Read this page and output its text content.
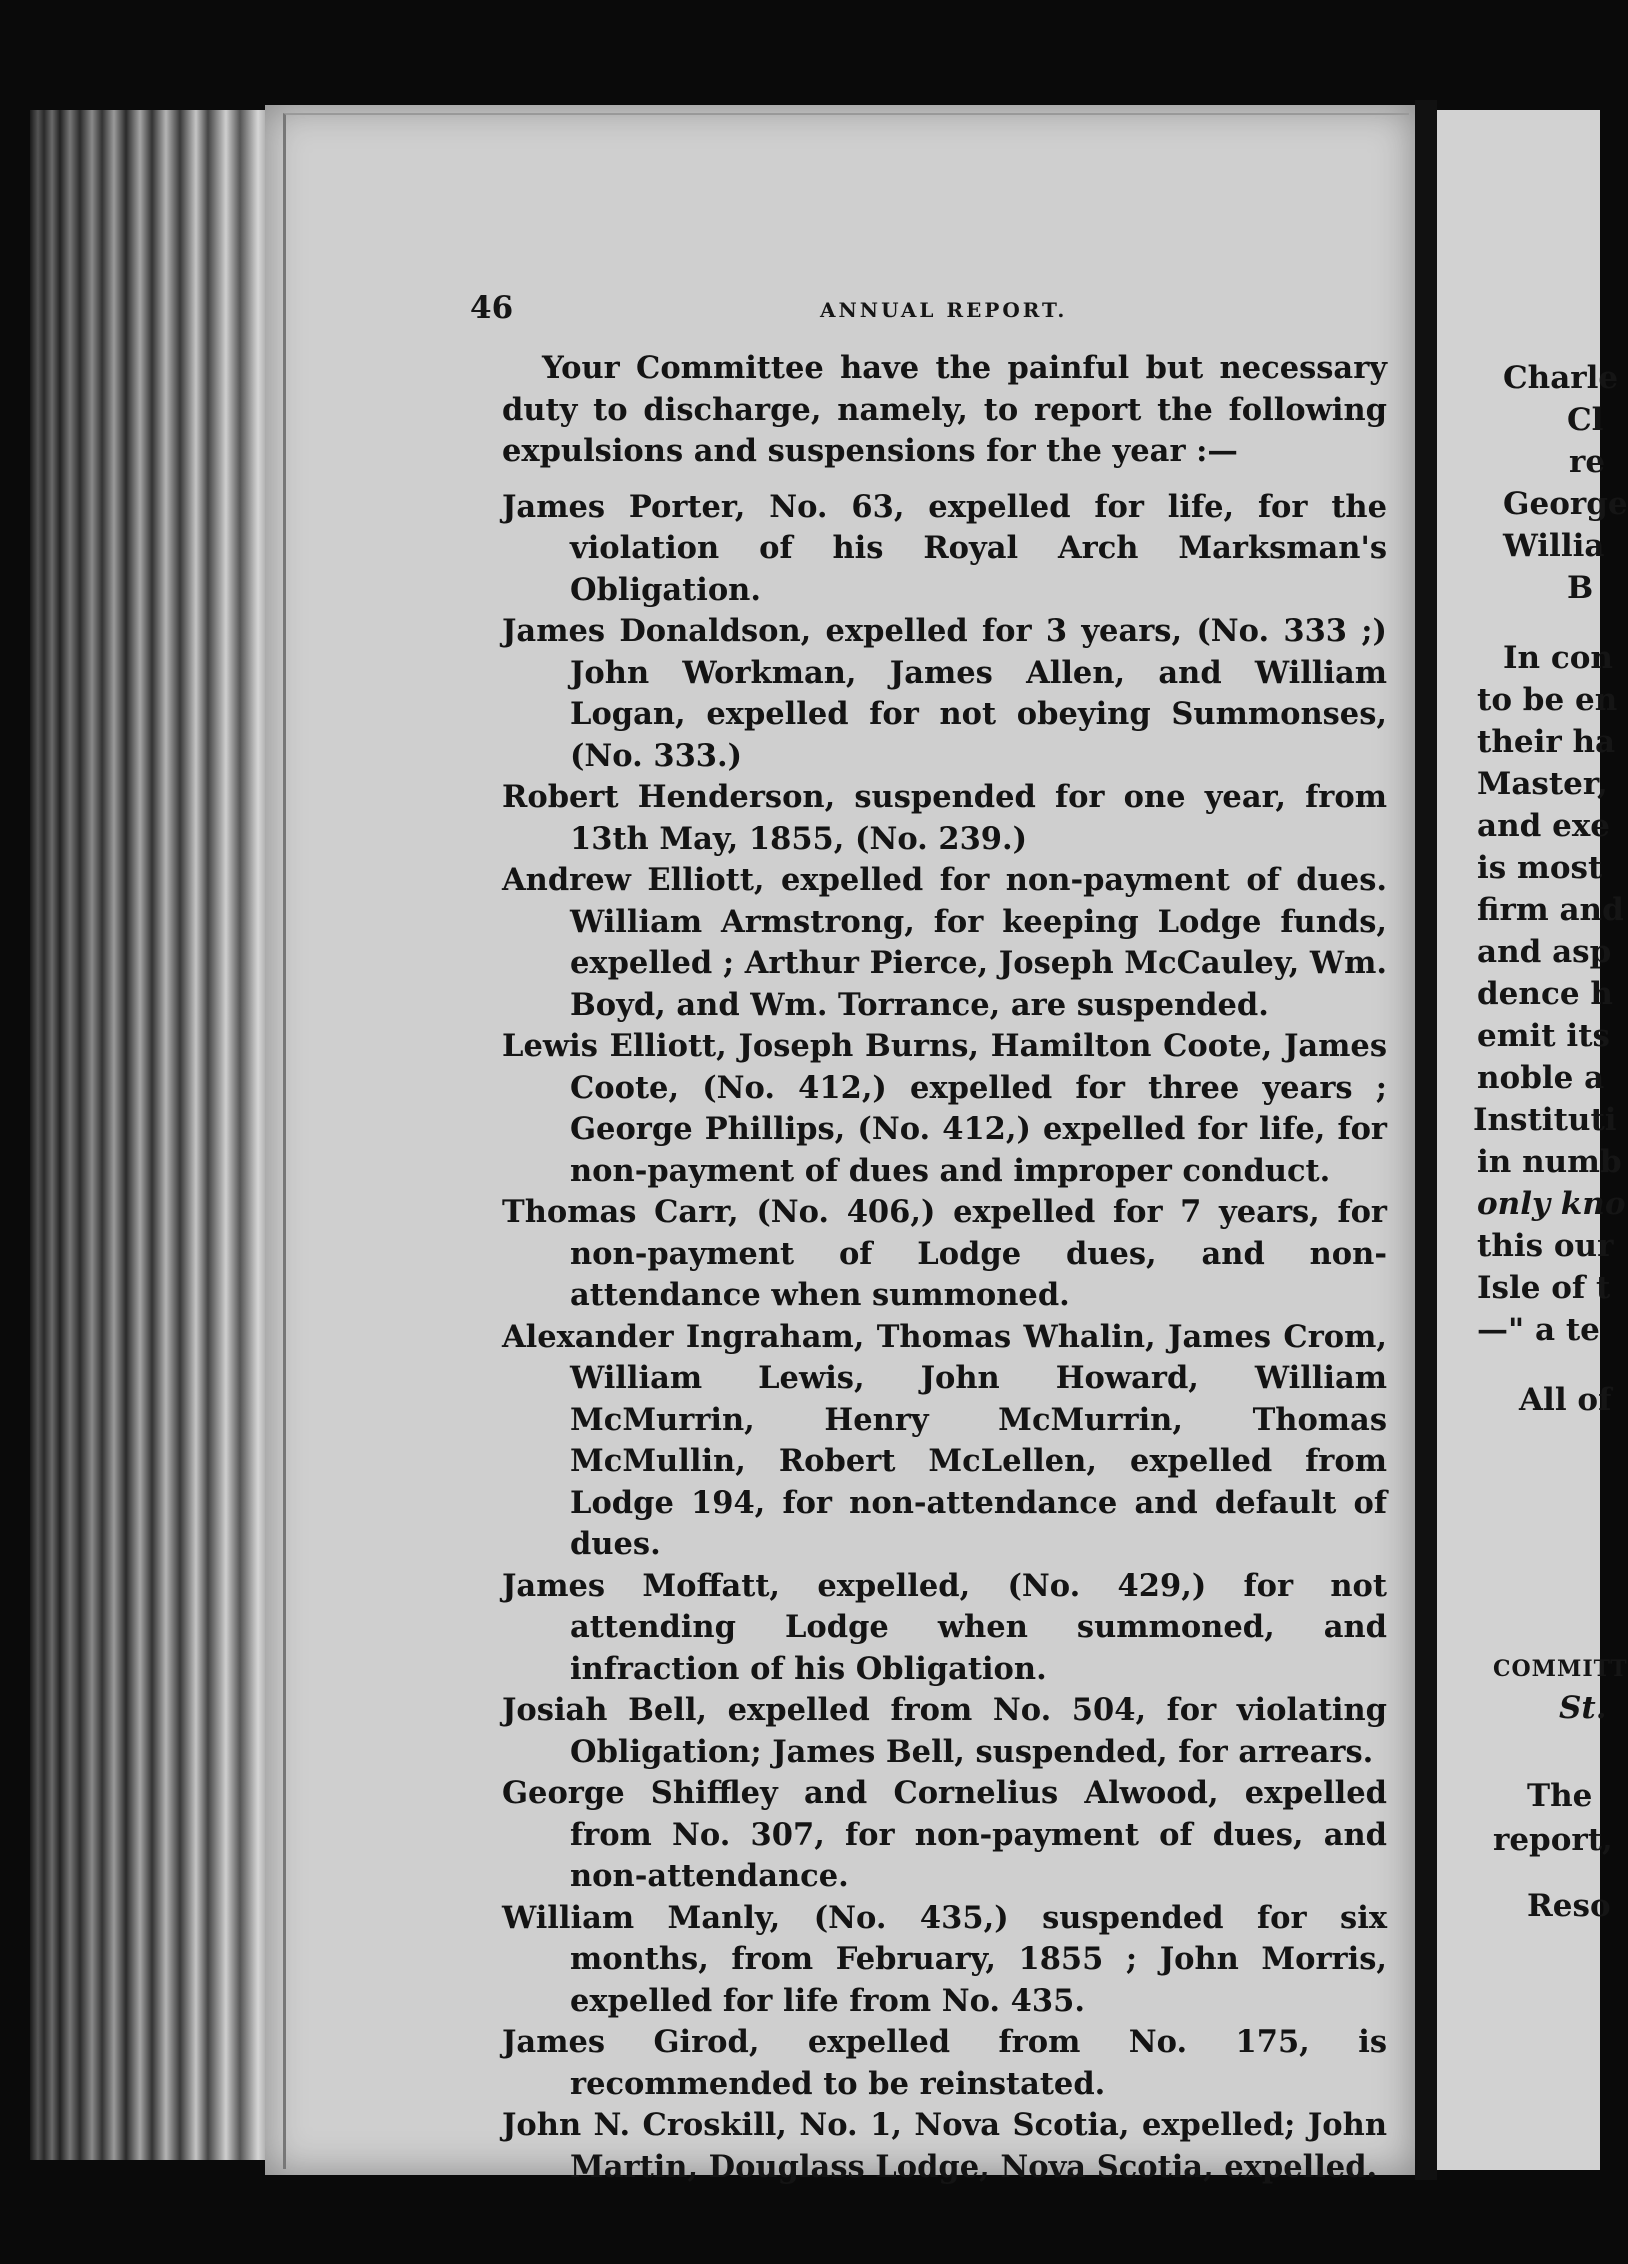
Charle
Cl
re
George
Willia
B
In con
to be en
their ha
Master,
and exe
is most
firm and
and asp
dence h
emit its
noble a
Instituti
in numb
only kno
this our
Isle of t
—" a te
All of
COMMITT
St.
The
report,
Reso
46	ANNUAL REPORT.

Your Committee have the painful but necessary duty to discharge, namely, to report the following expulsions and suspensions for the year :—

James Porter, No. 63, expelled for life, for the violation of his Royal Arch Marksman's Obligation.

James Donaldson, expelled for 3 years, (No. 333 ;) John Workman, James Allen, and William Logan, expelled for not obeying Summonses, (No. 333.)

Robert Henderson, suspended for one year, from 13th May, 1855, (No. 239.)

Andrew Elliott, expelled for non-payment of dues. William Armstrong, for keeping Lodge funds, expelled ; Arthur Pierce, Joseph McCauley, Wm. Boyd, and Wm. Torrance, are suspended.

Lewis Elliott, Joseph Burns, Hamilton Coote, James Coote, (No. 412,) expelled for three years ; George Phillips, (No. 412,) expelled for life, for non-payment of dues and improper conduct.

Thomas Carr, (No. 406,) expelled for 7 years, for non-payment of Lodge dues, and non-attendance when summoned.

Alexander Ingraham, Thomas Whalin, James Crom, William Lewis, John Howard, William McMurrin, Henry McMurrin, Thomas McMullin, Robert McLellen, expelled from Lodge 194, for non-attendance and default of dues.

James Moffatt, expelled, (No. 429,) for not attending Lodge when summoned, and infraction of his Obligation.

Josiah Bell, expelled from No. 504, for violating Obligation; James Bell, suspended, for arrears.

George Shiffley and Cornelius Alwood, expelled from No. 307, for non-payment of dues, and non-attendance.

William Manly, (No. 435,) suspended for six months, from February, 1855 ; John Morris, expelled for life from No. 435.

James Girod, expelled from No. 175, is recommended to be reinstated.

John N. Croskill, No. 1, Nova Scotia, expelled; John Martin, Douglass Lodge, Nova Scotia, expelled.
